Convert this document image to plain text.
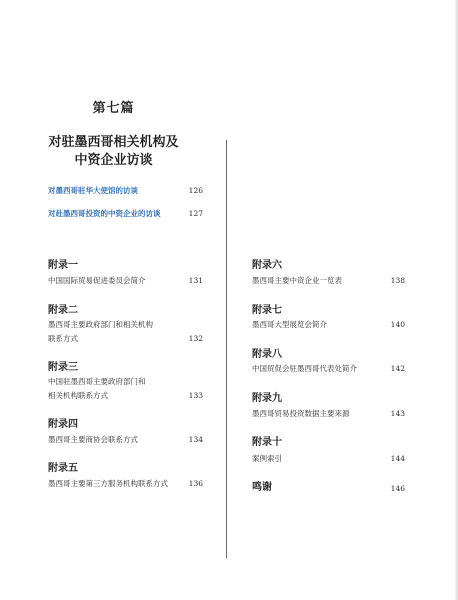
第七篇
对驻墨西哥相关机构及
中资企业访谈
对墨西哥驻华大使馆的访谈	126
对赴墨西哥投资的中资企业的访谈	127
附录一
中国国际贸易促进委员会简介	131
附录二
墨西哥主要政府部门和相关机构
联系方式	132
附录三
中国驻墨西哥主要政府部门和
相关机构联系方式	133
附录四
墨西哥主要商协会联系方式	134
附录五
墨西哥主要第三方服务机构联系方式	136
附录六
墨西哥主要中资企业一览表	138
附录七
墨西哥大型展览会简介	140
附录八
中国贸促会驻墨西哥代表处简介	142
附录九
墨西哥贸易投资数据主要来源	143
附录十
案例索引	144
鸣谢	146
